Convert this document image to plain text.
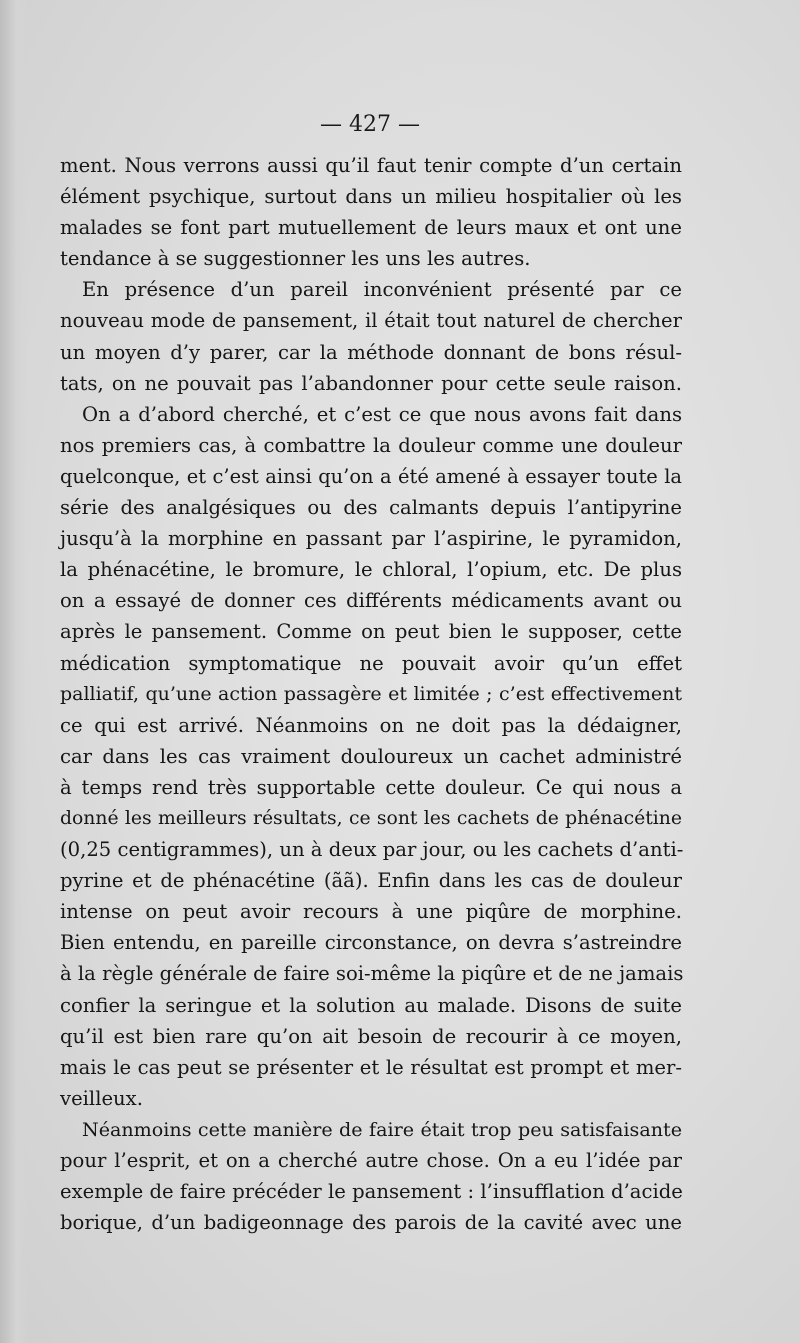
— 427 —
ment. Nous verrons aussi qu’il faut tenir compte d’un certain
élément psychique, surtout dans un milieu hospitalier où les
malades se font part mutuellement de leurs maux et ont une
tendance à se suggestionner les uns les autres.
En présence d’un pareil inconvénient présenté par ce
nouveau mode de pansement, il était tout naturel de chercher
un moyen d’y parer, car la méthode donnant de bons résul-
tats, on ne pouvait pas l’abandonner pour cette seule raison.
On a d’abord cherché, et c’est ce que nous avons fait dans
nos premiers cas, à combattre la douleur comme une douleur
quelconque, et c’est ainsi qu’on a été amené à essayer toute la
série des analgésiques ou des calmants depuis l’antipyrine
jusqu’à la morphine en passant par l’aspirine, le pyramidon,
la phénacétine, le bromure, le chloral, l’opium, etc. De plus
on a essayé de donner ces différents médicaments avant ou
après le pansement. Comme on peut bien le supposer, cette
médication symptomatique ne pouvait avoir qu’un effet
palliatif, qu’une action passagère et limitée ; c’est effectivement
ce qui est arrivé. Néanmoins on ne doit pas la dédaigner,
car dans les cas vraiment douloureux un cachet administré
à temps rend très supportable cette douleur. Ce qui nous a
donné les meilleurs résultats, ce sont les cachets de phénacétine
(0,25 centigrammes), un à deux par jour, ou les cachets d’anti-
pyrine et de phénacétine (ãã). Enfin dans les cas de douleur
intense on peut avoir recours à une piqûre de morphine.
Bien entendu, en pareille circonstance, on devra s’astreindre
à la règle générale de faire soi-même la piqûre et de ne jamais
confier la seringue et la solution au malade. Disons de suite
qu’il est bien rare qu’on ait besoin de recourir à ce moyen,
mais le cas peut se présenter et le résultat est prompt et mer-
veilleux.
Néanmoins cette manière de faire était trop peu satisfaisante
pour l’esprit, et on a cherché autre chose. On a eu l’idée par
exemple de faire précéder le pansement : l’insufflation d’acide
borique, d’un badigeonnage des parois de la cavité avec une
